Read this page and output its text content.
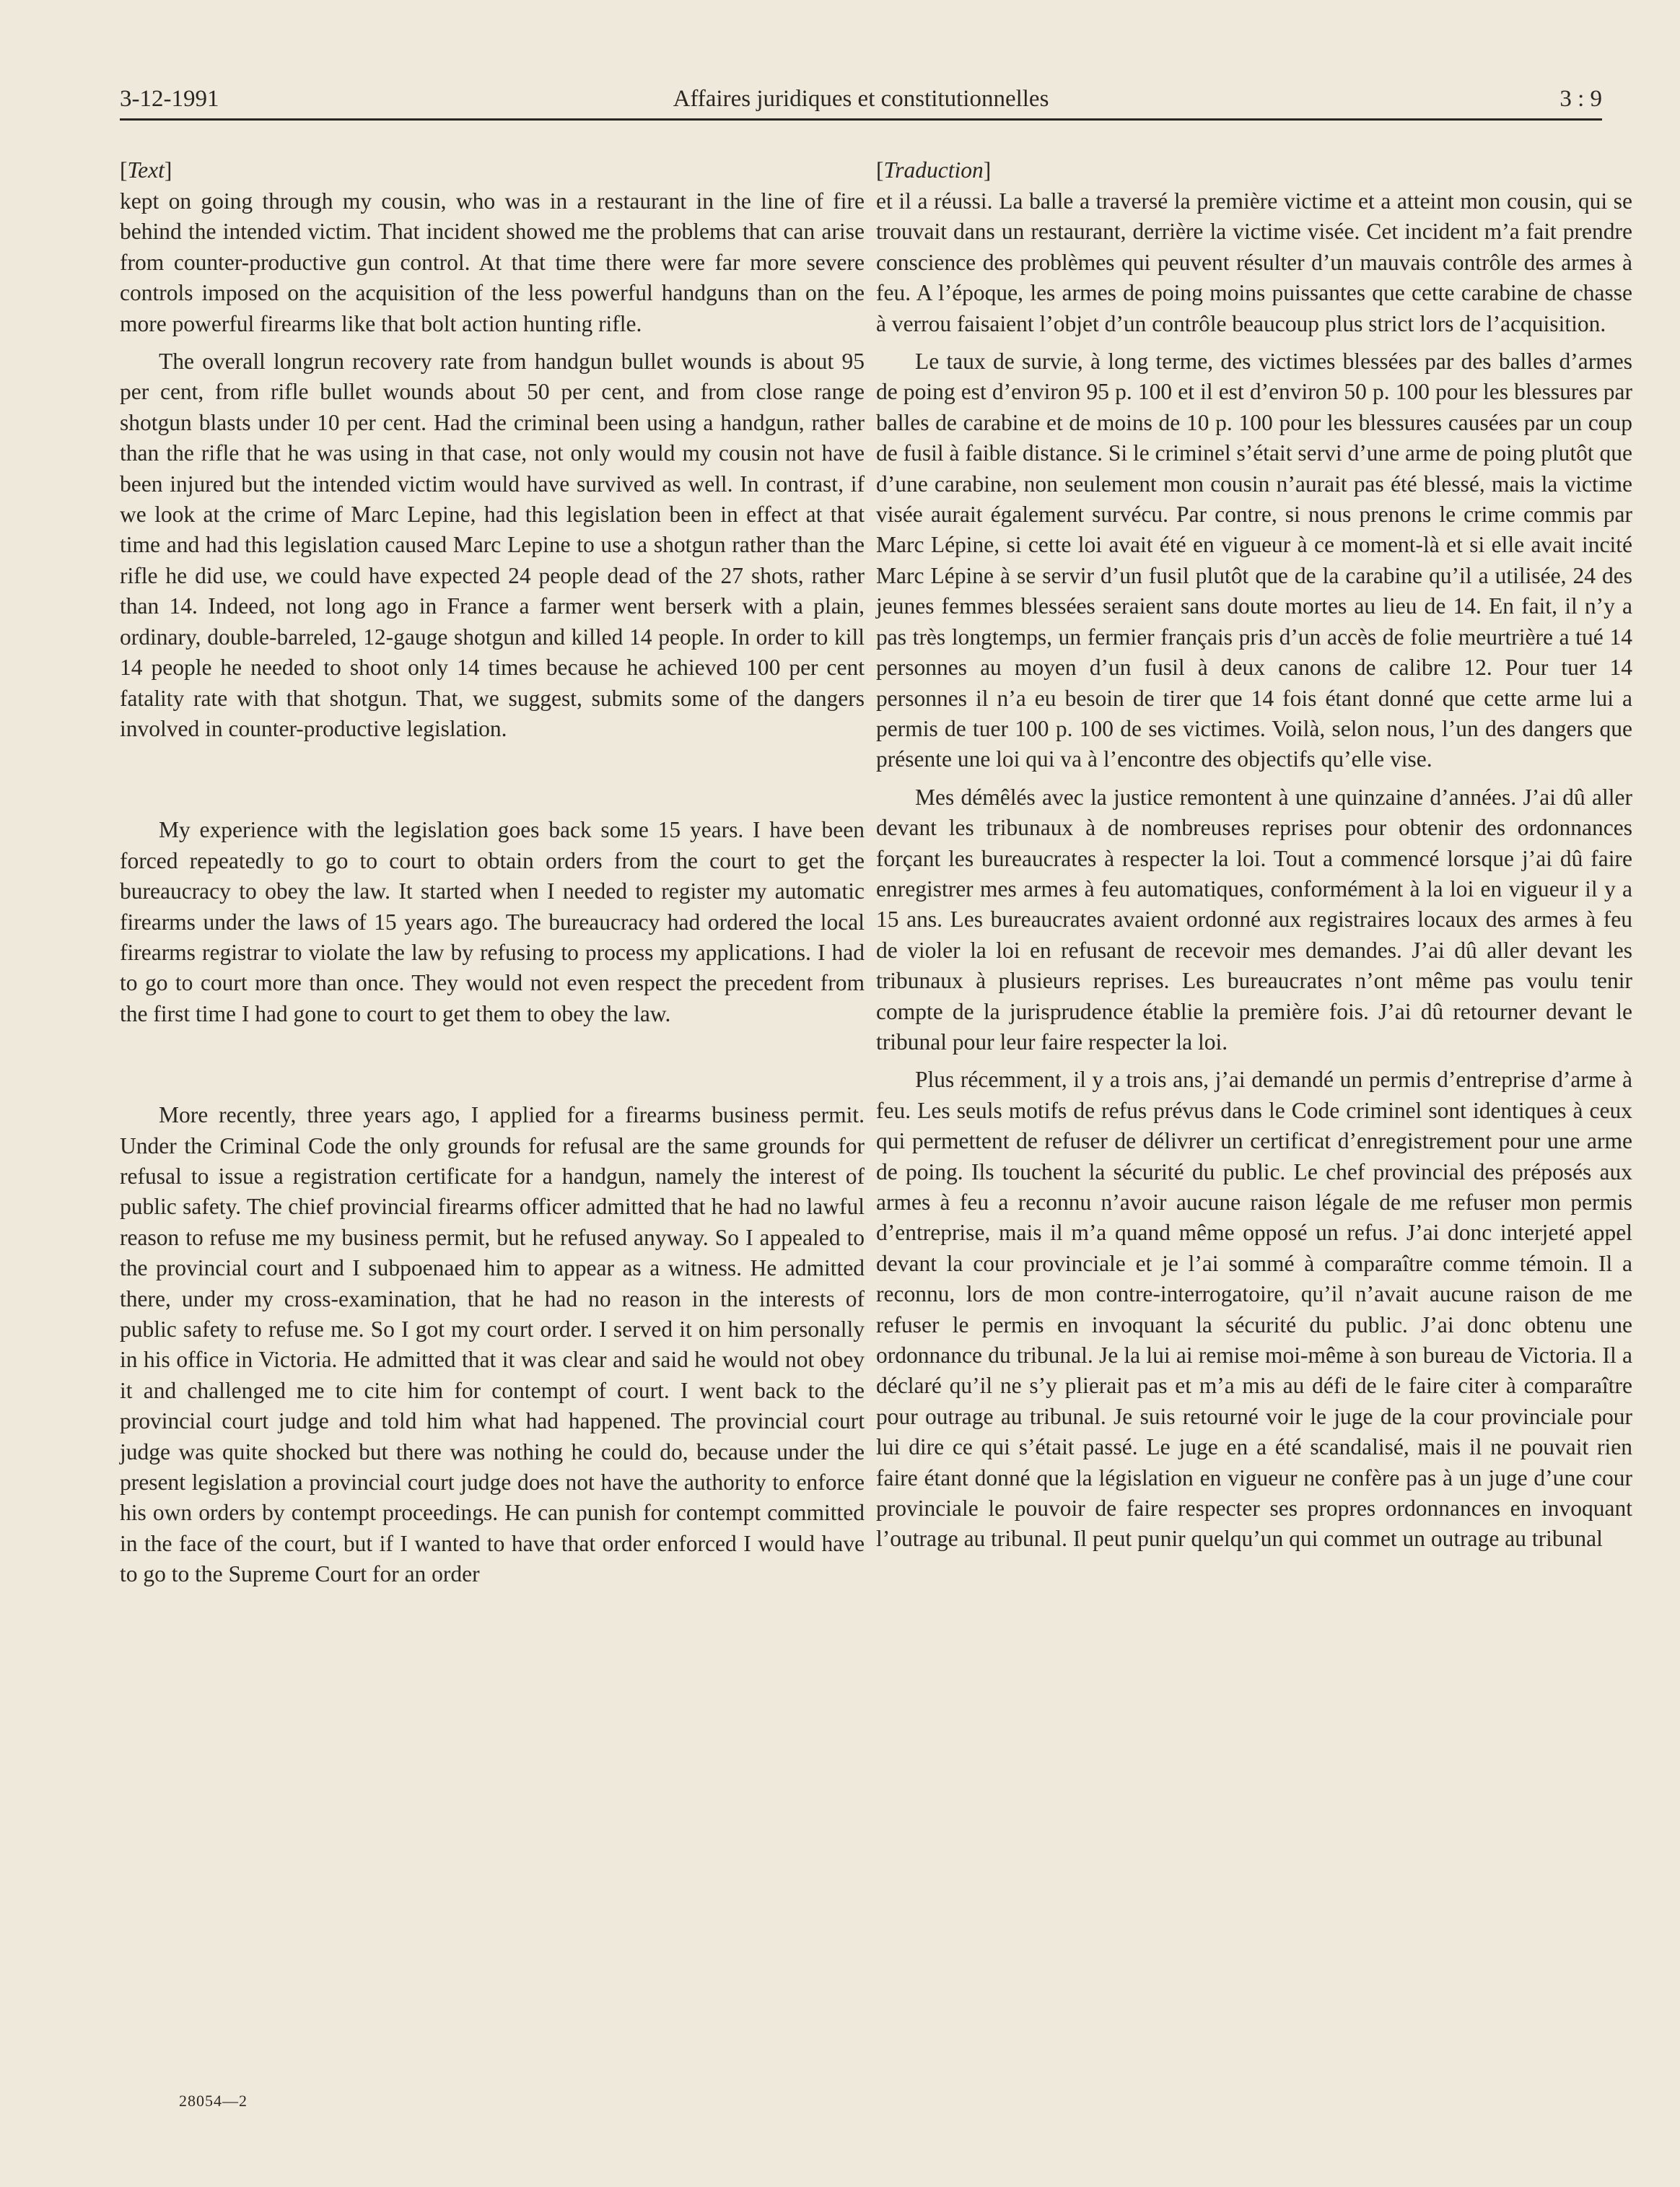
3-12-1991	Affaires juridiques et constitutionnelles	3 : 9
[Text]

kept on going through my cousin, who was in a restaurant in the line of fire behind the intended victim. That incident showed me the problems that can arise from counter-productive gun control. At that time there were far more severe controls imposed on the acquisition of the less powerful handguns than on the more powerful firearms like that bolt action hunting rifle.

The overall longrun recovery rate from handgun bullet wounds is about 95 per cent, from rifle bullet wounds about 50 per cent, and from close range shotgun blasts under 10 per cent. Had the criminal been using a handgun, rather than the rifle that he was using in that case, not only would my cousin not have been injured but the intended victim would have survived as well. In contrast, if we look at the crime of Marc Lepine, had this legislation been in effect at that time and had this legislation caused Marc Lepine to use a shotgun rather than the rifle he did use, we could have expected 24 people dead of the 27 shots, rather than 14. Indeed, not long ago in France a farmer went berserk with a plain, ordinary, double-barreled, 12-gauge shotgun and killed 14 people. In order to kill 14 people he needed to shoot only 14 times because he achieved 100 per cent fatality rate with that shotgun. That, we suggest, submits some of the dangers involved in counter-productive legislation.

My experience with the legislation goes back some 15 years. I have been forced repeatedly to go to court to obtain orders from the court to get the bureaucracy to obey the law. It started when I needed to register my automatic firearms under the laws of 15 years ago. The bureaucracy had ordered the local firearms registrar to violate the law by refusing to process my applications. I had to go to court more than once. They would not even respect the precedent from the first time I had gone to court to get them to obey the law.

More recently, three years ago, I applied for a firearms business permit. Under the Criminal Code the only grounds for refusal are the same grounds for refusal to issue a registration certificate for a handgun, namely the interest of public safety. The chief provincial firearms officer admitted that he had no lawful reason to refuse me my business permit, but he refused anyway. So I appealed to the provincial court and I subpoenaed him to appear as a witness. He admitted there, under my cross-examination, that he had no reason in the interests of public safety to refuse me. So I got my court order. I served it on him personally in his office in Victoria. He admitted that it was clear and said he would not obey it and challenged me to cite him for contempt of court. I went back to the provincial court judge and told him what had happened. The provincial court judge was quite shocked but there was nothing he could do, because under the present legislation a provincial court judge does not have the authority to enforce his own orders by contempt proceedings. He can punish for contempt committed in the face of the court, but if I wanted to have that order enforced I would have to go to the Supreme Court for an order

[Traduction]

et il a réussi. La balle a traversé la première victime et a atteint mon cousin, qui se trouvait dans un restaurant, derrière la victime visée. Cet incident m’a fait prendre conscience des problèmes qui peuvent résulter d’un mauvais contrôle des armes à feu. A l’époque, les armes de poing moins puissantes que cette carabine de chasse à verrou faisaient l’objet d’un contrôle beaucoup plus strict lors de l’acquisition.

Le taux de survie, à long terme, des victimes blessées par des balles d’armes de poing est d’environ 95 p. 100 et il est d’environ 50 p. 100 pour les blessures par balles de carabine et de moins de 10 p. 100 pour les blessures causées par un coup de fusil à faible distance. Si le criminel s’était servi d’une arme de poing plutôt que d’une carabine, non seulement mon cousin n’aurait pas été blessé, mais la victime visée aurait également survécu. Par contre, si nous prenons le crime commis par Marc Lépine, si cette loi avait été en vigueur à ce moment-là et si elle avait incité Marc Lépine à se servir d’un fusil plutôt que de la carabine qu’il a utilisée, 24 des jeunes femmes blessées seraient sans doute mortes au lieu de 14. En fait, il n’y a pas très longtemps, un fermier français pris d’un accès de folie meurtrière a tué 14 personnes au moyen d’un fusil à deux canons de calibre 12. Pour tuer 14 personnes il n’a eu besoin de tirer que 14 fois étant donné que cette arme lui a permis de tuer 100 p. 100 de ses victimes. Voilà, selon nous, l’un des dangers que présente une loi qui va à l’encontre des objectifs qu’elle vise.

Mes démêlés avec la justice remontent à une quinzaine d’années. J’ai dû aller devant les tribunaux à de nombreuses reprises pour obtenir des ordonnances forçant les bureaucrates à respecter la loi. Tout a commencé lorsque j’ai dû faire enregistrer mes armes à feu automatiques, conformément à la loi en vigueur il y a 15 ans. Les bureaucrates avaient ordonné aux registraires locaux des armes à feu de violer la loi en refusant de recevoir mes demandes. J’ai dû aller devant les tribunaux à plusieurs reprises. Les bureaucrates n’ont même pas voulu tenir compte de la jurisprudence établie la première fois. J’ai dû retourner devant le tribunal pour leur faire respecter la loi.

Plus récemment, il y a trois ans, j’ai demandé un permis d’entreprise d’arme à feu. Les seuls motifs de refus prévus dans le Code criminel sont identiques à ceux qui permettent de refuser de délivrer un certificat d’enregistrement pour une arme de poing. Ils touchent la sécurité du public. Le chef provincial des préposés aux armes à feu a reconnu n’avoir aucune raison légale de me refuser mon permis d’entreprise, mais il m’a quand même opposé un refus. J’ai donc interjeté appel devant la cour provinciale et je l’ai sommé à comparaître comme témoin. Il a reconnu, lors de mon contre-interrogatoire, qu’il n’avait aucune raison de me refuser le permis en invoquant la sécurité du public. J’ai donc obtenu une ordonnance du tribunal. Je la lui ai remise moi-même à son bureau de Victoria. Il a déclaré qu’il ne s’y plierait pas et m’a mis au défi de le faire citer à comparaître pour outrage au tribunal. Je suis retourné voir le juge de la cour provinciale pour lui dire ce qui s’était passé. Le juge en a été scandalisé, mais il ne pouvait rien faire étant donné que la législation en vigueur ne confère pas à un juge d’une cour provinciale le pouvoir de faire respecter ses propres ordonnances en invoquant l’outrage au tribunal. Il peut punir quelqu’un qui commet un outrage au tribunal

28054—2
